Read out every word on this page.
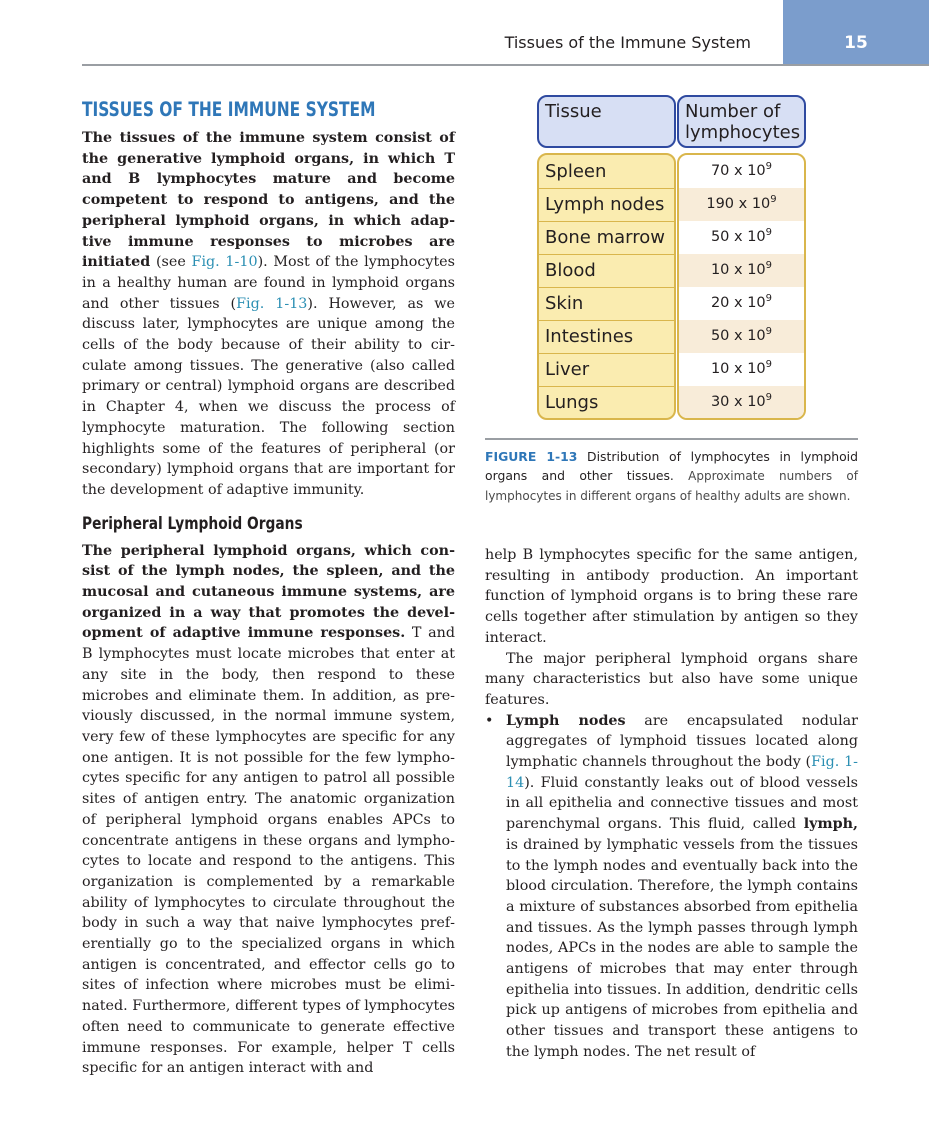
Tissues of the Immune System	15
TISSUES OF THE IMMUNE SYSTEM

The tissues of the immune system consist of the generative lymphoid organs, in which T and B lymphocytes mature and become competent to respond to antigens, and the peripheral lymphoid organs, in which adaptive immune responses to microbes are initiated (see Fig. 1-10). Most of the lymphocytes in a healthy human are found in lymphoid organs and other tissues (Fig. 1-13). However, as we discuss later, lymphocytes are unique among the cells of the body because of their ability to circulate among tissues. The generative (also called primary or central) lymphoid organs are described in Chapter 4, when we discuss the process of lymphocyte maturation. The following section highlights some of the features of peripheral (or secondary) lymphoid organs that are important for the development of adaptive immunity.

Peripheral Lymphoid Organs

The peripheral lymphoid organs, which consist of the lymph nodes, the spleen, and the mucosal and cutaneous immune systems, are organized in a way that promotes the development of adaptive immune responses. T and B lymphocytes must locate microbes that enter at any site in the body, then respond to these microbes and eliminate them. In addition, as previously discussed, in the normal immune system, very few of these lymphocytes are specific for any one antigen. It is not possible for the few lymphocytes specific for any antigen to patrol all possible sites of antigen entry. The anatomic organization of peripheral lymphoid organs enables APCs to concentrate antigens in these organs and lymphocytes to locate and respond to the antigens. This organization is complemented by a remarkable ability of lymphocytes to circulate throughout the body in such a way that naive lymphocytes preferentially go to the specialized organs in which antigen is concentrated, and effector cells go to sites of infection where microbes must be eliminated. Furthermore, different types of lymphocytes often need to communicate to generate effective immune responses. For example, helper T cells specific for an antigen interact with and

Tissue	Number of lymphocytes
Spleen
Lymph nodes
Bone marrow
Blood
Skin
Intestines
Liver
Lungs
70 x $10^9$
190 x $10^9$
50 x $10^9$
10 x $10^9$
20 x $10^9$
50 x $10^9$
10 x $10^9$
30 x $10^9$
FIGURE 1-13 Distribution of lymphocytes in lymphoid organs and other tissues. Approximate numbers of lymphocytes in different organs of healthy adults are shown.

help B lymphocytes specific for the same antigen, resulting in antibody production. An important function of lymphoid organs is to bring these rare cells together after stimulation by antigen so they interact.

The major peripheral lymphoid organs share many characteristics but also have some unique features.

• Lymph nodes are encapsulated nodular aggregates of lymphoid tissues located along lymphatic channels throughout the body (Fig. 1-14). Fluid constantly leaks out of blood vessels in all epithelia and connective tissues and most parenchymal organs. This fluid, called lymph, is drained by lymphatic vessels from the tissues to the lymph nodes and eventually back into the blood circulation. Therefore, the lymph contains a mixture of substances absorbed from epithelia and tissues. As the lymph passes through lymph nodes, APCs in the nodes are able to sample the antigens of microbes that may enter through epithelia into tissues. In addition, dendritic cells pick up antigens of microbes from epithelia and other tissues and transport these antigens to the lymph nodes. The net result of
